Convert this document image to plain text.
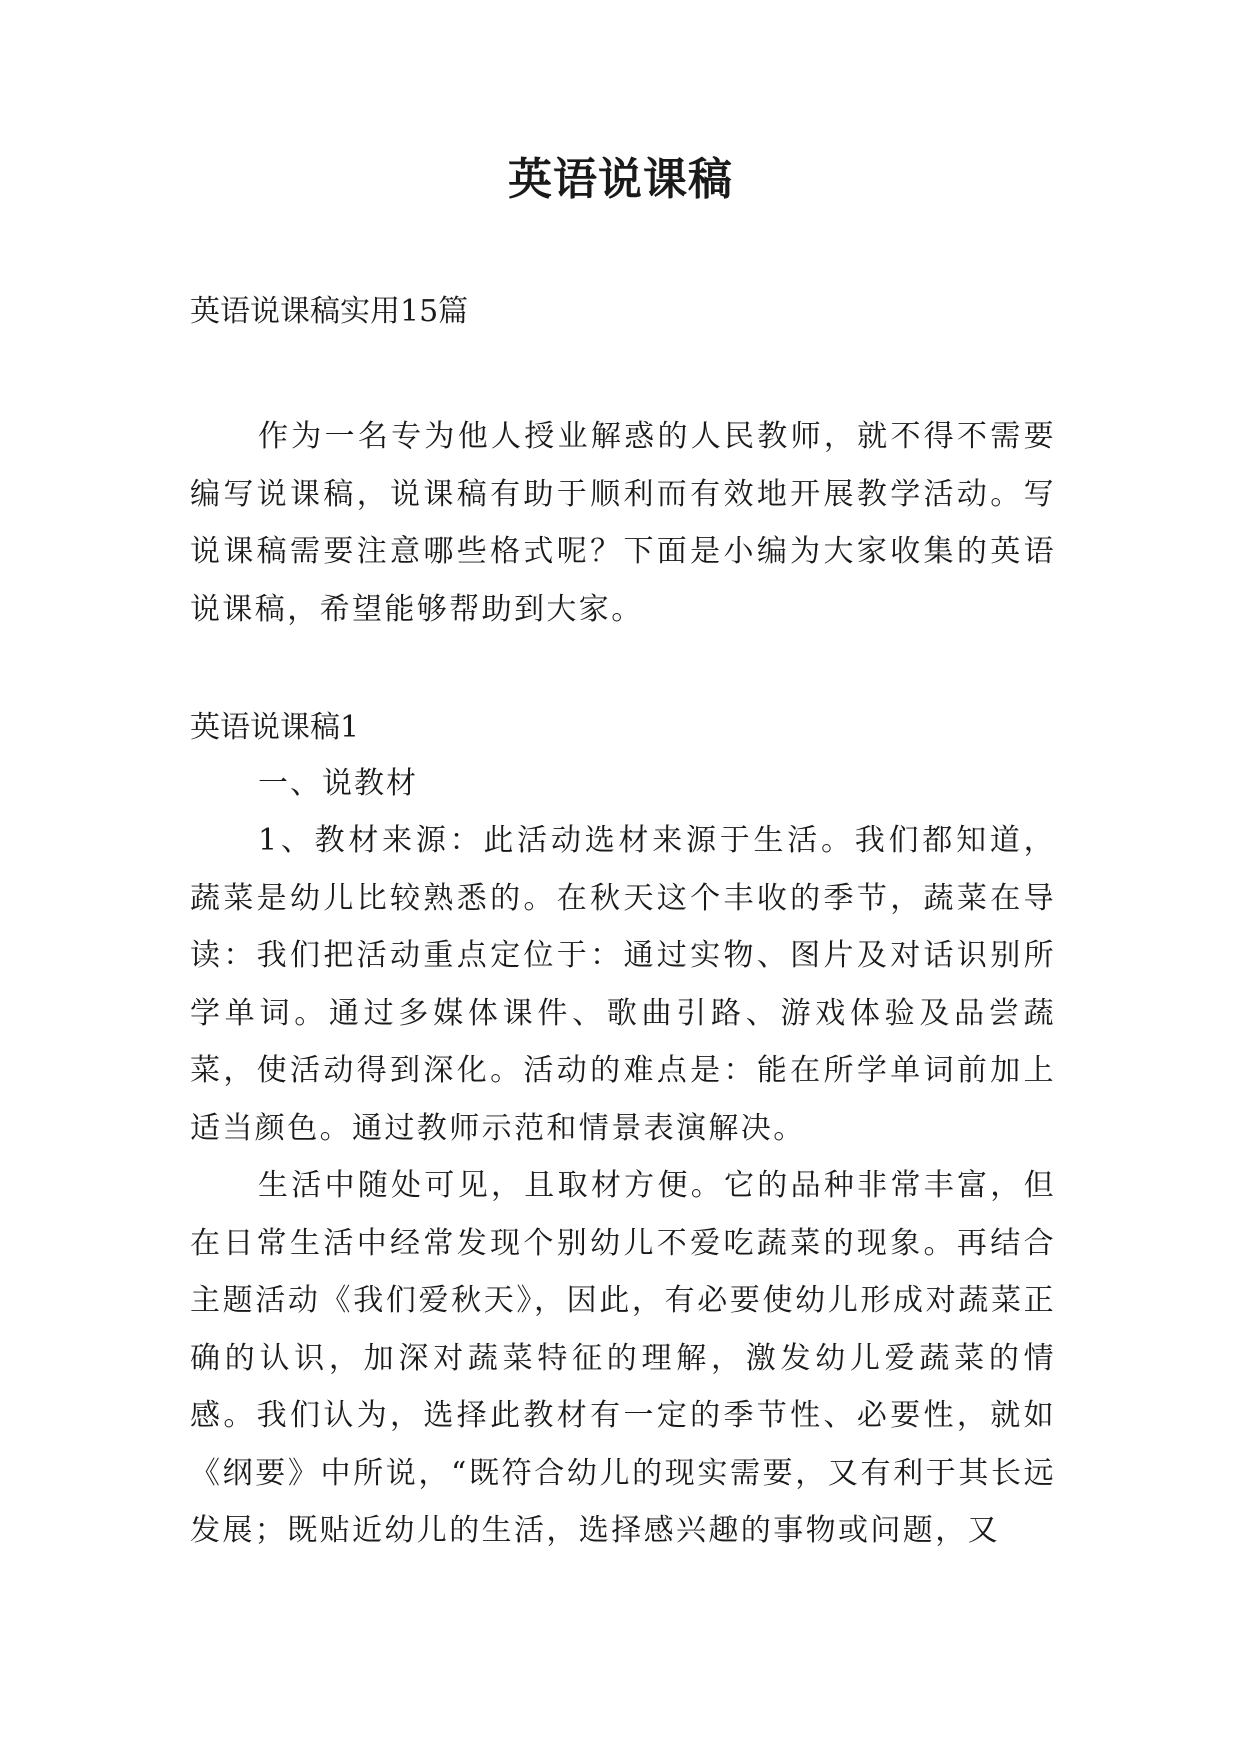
英语说课稿

英语说课稿实用15篇

作为一名专为他人授业解惑的人民教师，就不得不需要编写说课稿，说课稿有助于顺利而有效地开展教学活动。写说课稿需要注意哪些格式呢？下面是小编为大家收集的英语说课稿，希望能够帮助到大家。

英语说课稿1

一、说教材

1、教材来源：此活动选材来源于生活。我们都知道，蔬菜是幼儿比较熟悉的。在秋天这个丰收的季节，蔬菜在导读：我们把活动重点定位于：通过实物、图片及对话识别所学单词。通过多媒体课件、歌曲引路、游戏体验及品尝蔬菜，使活动得到深化。活动的难点是：能在所学单词前加上适当颜色。通过教师示范和情景表演解决。

生活中随处可见，且取材方便。它的品种非常丰富，但在日常生活中经常发现个别幼儿不爱吃蔬菜的现象。再结合主题活动《我们爱秋天》，因此，有必要使幼儿形成对蔬菜正确的认识，加深对蔬菜特征的理解，激发幼儿爱蔬菜的情感。我们认为，选择此教材有一定的季节性、必要性，就如《纲要》中所说，“既符合幼儿的现实需要，又有利于其长远发展；既贴近幼儿的生活，选择感兴趣的事物或问题，又
